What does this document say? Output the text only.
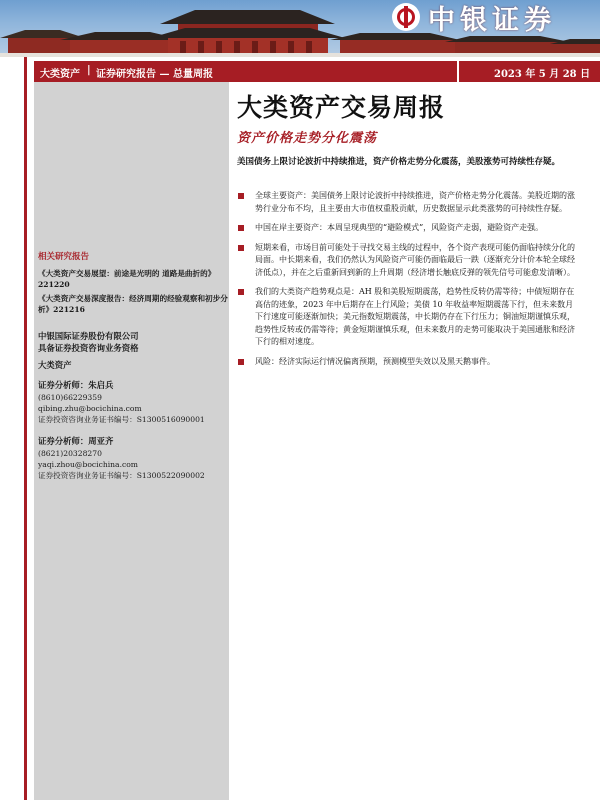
中银证券
大类资产 | 证券研究报告 — 总量周报	2023 年 5 月 28 日
相关研究报告
《大类资产交易展望：前途是光明的 道路是曲折的》221220
《大类资产交易深度报告：经济周期的经验观察和初步分析》221216
中银国际证券股份有限公司
具备证券投资咨询业务资格
大类资产
证券分析师：朱启兵
(8610)66229359
qibing.zhu@bocichina.com
证券投资咨询业务证书编号：S1300516090001
证券分析师：周亚齐
(8621)20328270
yaqi.zhou@bocichina.com
证券投资咨询业务证书编号：S1300522090002
大类资产交易周报
资产价格走势分化震荡
美国债务上限讨论波折中持续推进，资产价格走势分化震荡，美股涨势可持续性存疑。
全球主要资产：美国债务上限讨论波折中持续推进，资产价格走势分化震荡。美股近期的涨势行业分布不均，且主要由大市值权重股贡献，历史数据显示此类涨势的可持续性存疑。
中国在岸主要资产：本周呈现典型的“避险模式”，风险资产走弱，避险资产走强。
短期来看，市场目前可能处于寻找交易主线的过程中，各个资产表现可能仍面临持续分化的局面。中长期来看，我们仍然认为风险资产可能仍面临最后一跌（逐渐充分计价本轮全球经济低点），并在之后重新回到新的上升周期（经济增长触底反弹的领先信号可能愈发清晰）。
我们的大类资产趋势观点是：AH 股和美股短期震荡，趋势性反转仍需等待；中债短期存在高估的迹象，2023 年中后期存在上行风险；美债 10 年收益率短期震荡下行，但未来数月下行速度可能逐渐加快；美元指数短期震荡，中长期仍存在下行压力；铜油短期谨慎乐观，趋势性反转或仍需等待；黄金短期谨慎乐观，但未来数月的走势可能取决于美国通胀和经济下行的相对速度。
风险：经济实际运行情况偏离预期，预测模型失效以及黑天鹅事件。
